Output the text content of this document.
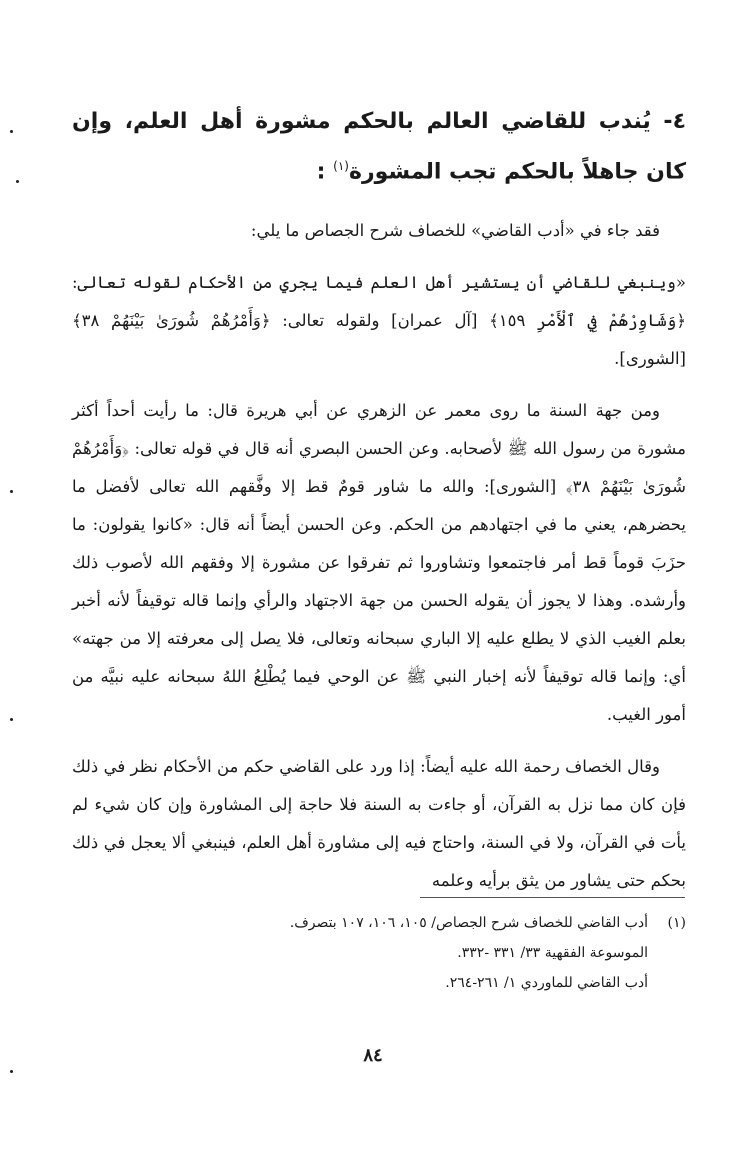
٤- يُندب للقاضي العالم بالحكم مشورة أهل العلم، وإن كان جاهلاً بالحكم تجب المشورة$^{(١)}$ :

فقد جاء في «أدب القاضي» للخصاف شرح الجصاص ما يلي:

«وينبغي للقاضي أن يستشير أهل العلم فيما يجري من الأحكام لقوله تعالى: ﴿وَشَاوِرْهُمْ فِي ٱلْأَمْرِ ١٥٩﴾ [آل عمران] ولقوله تعالى: ﴿وَأَمْرُهُمْ شُورَىٰ بَيْنَهُمْ ٣٨﴾ [الشورى].

ومن جهة السنة ما روى معمر عن الزهري عن أبي هريرة قال: ما رأيت أحداً أكثر مشورة من رسول الله ﷺ لأصحابه. وعن الحسن البصري أنه قال في قوله تعالى: ﴿وَأَمْرُهُمْ شُورَىٰ بَيْنَهُمْ ٣٨﴾ [الشورى]: والله ما شاور قومٌ قط إلا وفَّقهم الله تعالى لأفضل ما يحضرهم، يعني ما في اجتهادهم من الحكم. وعن الحسن أيضاً أنه قال: «كانوا يقولون: ما حزَبَ قوماً قط أمر فاجتمعوا وتشاوروا ثم تفرقوا عن مشورة إلا وفقهم الله لأصوب ذلك وأرشده. وهذا لا يجوز أن يقوله الحسن من جهة الاجتهاد والرأي وإنما قاله توقيفاً لأنه أخبر بعلم الغيب الذي لا يطلع عليه إلا الباري سبحانه وتعالى، فلا يصل إلى معرفته إلا من جهته» أي: وإنما قاله توقيفاً لأنه إخبار النبي ﷺ عن الوحي فيما يُطْلِعُ اللهُ سبحانه عليه نبيَّه من أمور الغيب.

وقال الخصاف رحمة الله عليه أيضاً: إذا ورد على القاضي حكم من الأحكام نظر في ذلك فإن كان مما نزل به القرآن، أو جاءت به السنة فلا حاجة إلى المشاورة وإن كان شيء لم يأت في القرآن، ولا في السنة، واحتاج فيه إلى مشاورة أهل العلم، فينبغي ألا يعجل في ذلك بحكم حتى يشاور من يثق برأيه وعلمه

(١)أدب القاضي للخصاف شرح الجصاص/ ١٠٥، ١٠٦، ١٠٧ بتصرف.

الموسوعة الفقهية ٣٣/ ٣٣١ -٣٣٢.

أدب القاضي للماوردي ١/ ٢٦١-٢٦٤.

٨٤
